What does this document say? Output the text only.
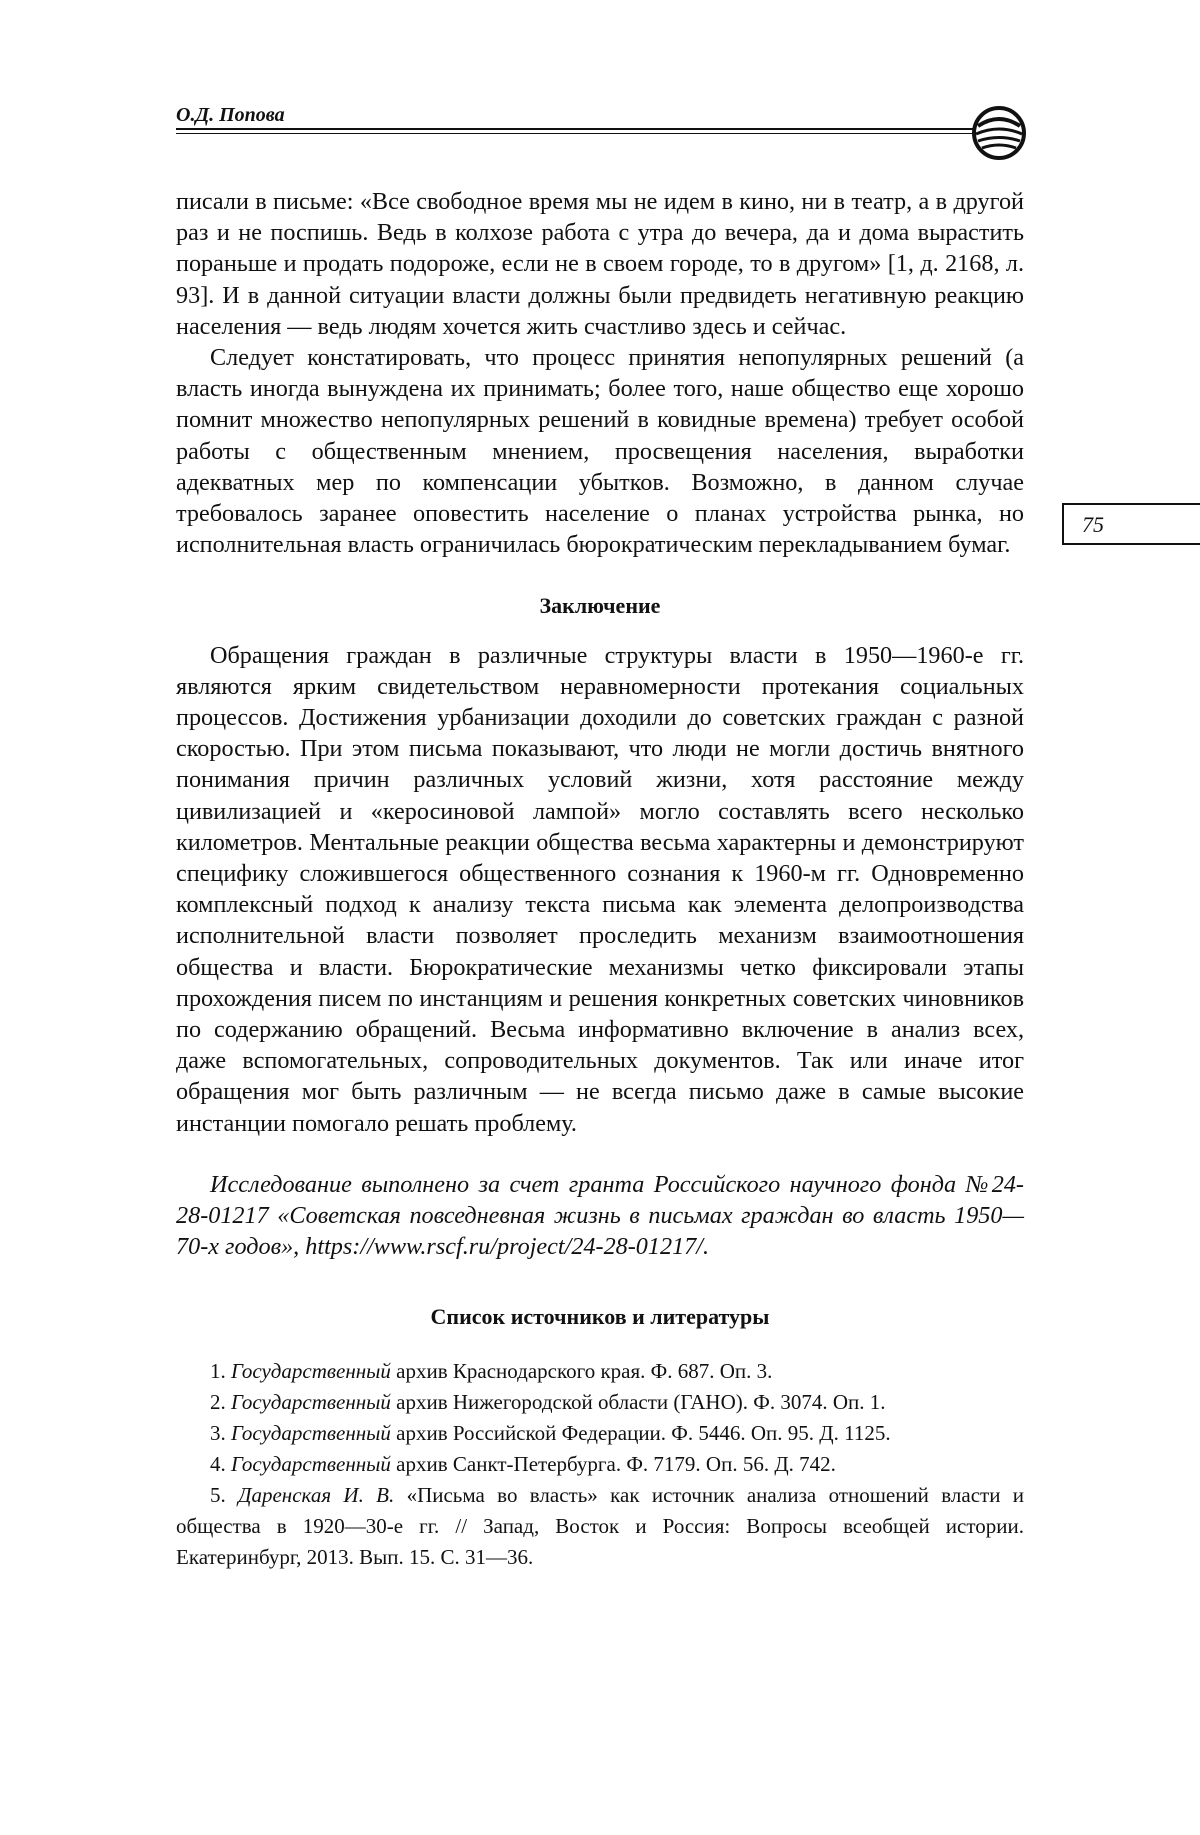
О.Д. Попова
75

писали в письме: «Все свободное время мы не идем в кино, ни в театр, а в другой раз и не поспишь. Ведь в колхозе работа с утра до вечера, да и дома вырастить пораньше и продать подороже, если не в своем городе, то в другом» [1, д. 2168, л. 93]. И в данной ситуации власти должны были предвидеть негативную реакцию населения — ведь людям хочется жить счастливо здесь и сейчас.

Следует констатировать, что процесс принятия непопулярных решений (а власть иногда вынуждена их принимать; более того, наше общество еще хорошо помнит множество непопулярных решений в ковидные времена) требует особой работы с общественным мнением, просвещения населения, выработки адекватных мер по компенсации убытков. Возможно, в данном случае требовалось заранее оповестить население о планах устройства рынка, но исполнительная власть ограничилась бюрократическим перекладыванием бумаг.

Заключение

Обращения граждан в различные структуры власти в 1950—1960-е гг. являются ярким свидетельством неравномерности протекания социальных процессов. Достижения урбанизации доходили до советских граждан с разной скоростью. При этом письма показывают, что люди не могли достичь внятного понимания причин различных условий жизни, хотя расстояние между цивилизацией и «керосиновой лампой» могло составлять всего несколько километров. Ментальные реакции общества весьма характерны и демонстрируют специфику сложившегося общественного сознания к 1960-м гг. Одновременно комплексный подход к анализу текста письма как элемента делопроизводства исполнительной власти позволяет проследить механизм взаимоотношения общества и власти. Бюрократические механизмы четко фиксировали этапы прохождения писем по инстанциям и решения конкретных советских чиновников по содержанию обращений. Весьма информативно включение в анализ всех, даже вспомогательных, сопроводительных документов. Так или иначе итог обращения мог быть различным — не всегда письмо даже в самые высокие инстанции помогало решать проблему.

Исследование выполнено за счет гранта Российского научного фонда №24-28-01217 «Советская повседневная жизнь в письмах граждан во власть 1950—70-х годов», https://www.rscf.ru/project/24-28-01217/.

Список источников и литературы

1. Государственный архив Краснодарского края. Ф. 687. Оп. 3.

2. Государственный архив Нижегородской области (ГАНО). Ф. 3074. Оп. 1.

3. Государственный архив Российской Федерации. Ф. 5446. Оп. 95. Д. 1125.

4. Государственный архив Санкт-Петербурга. Ф. 7179. Оп. 56. Д. 742.

5. Даренская И. В. «Письма во власть» как источник анализа отношений власти и общества в 1920—30-е гг. // Запад, Восток и Россия: Вопросы всеобщей истории. Екатеринбург, 2013. Вып. 15. С. 31—36.
